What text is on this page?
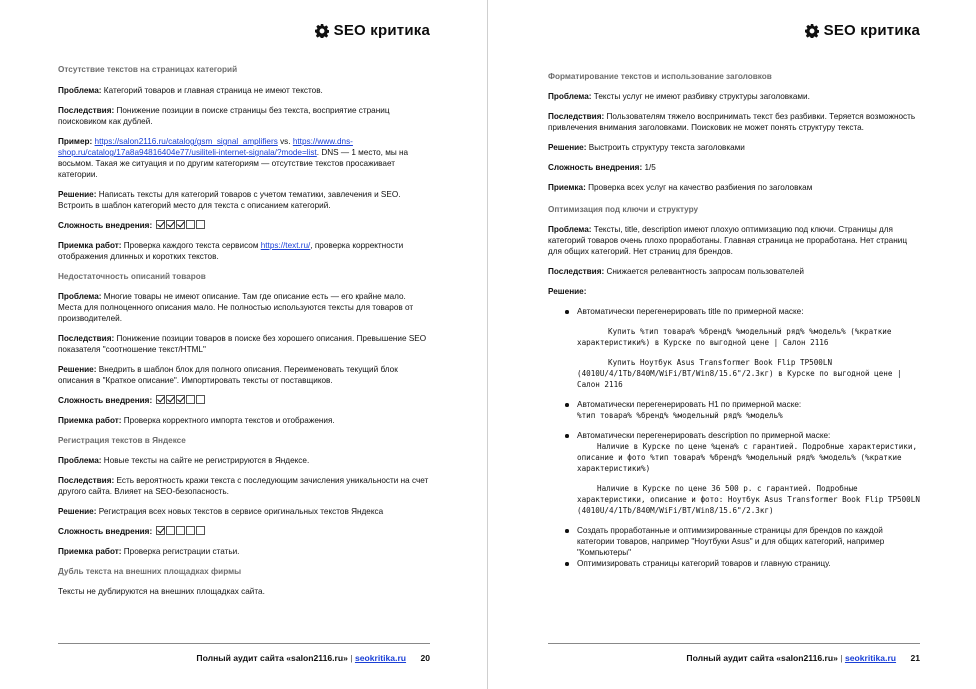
SEO критика
Отсутствие текстов на страницах категорий

Проблема: Категорий товаров и главная страница не имеют текстов.

Последствия: Понижение позиции в поиске страницы без текста, восприятие страниц поисковиком как дублей.

Пример: https://salon2116.ru/catalog/gsm_signal_amplifiers vs. https://www.dns-shop.ru/catalog/17a8a94816404e77/usiliteli-internet-signala/?mode=list. DNS — 1 место, мы на восьмом. Такая же ситуация и по другим категориям — отсутствие текстов просаживает категории.

Решение: Написать тексты для категорий товаров с учетом тематики, завлечения и SEO. Встроить в шаблон категорий место для текста с описанием категорий.

Сложность внедрения:

Приемка работ: Проверка каждого текста сервисом https://text.ru/, проверка корректности отображения длинных и коротких текстов.

Недостаточность описаний товаров

Проблема: Многие товары не имеют описание. Там где описание есть — его крайне мало. Места для полноценного описания мало. Не полностью используются тексты для товаров от производителей.

Последствия: Понижение позиции товаров в поиске без хорошего описания. Превышение SEO показателя "соотношение текст/HTML"

Решение: Внедрить в шаблон блок для полного описания. Переименовать текущий блок описания в "Краткое описание". Импортировать тексты от поставщиков.

Сложность внедрения:

Приемка работ: Проверка корректного импорта текстов и отображения.

Регистрация текстов в Яндексе

Проблема: Новые тексты на сайте не регистрируются в Яндексе.

Последствия: Есть вероятность кражи текста с последующим зачисления уникальности на счет другого сайта. Влияет на SEO-безопасность.

Решение: Регистрация всех новых текстов в сервисе оригинальных текстов Яндекса

Сложность внедрения:

Приемка работ: Проверка регистрации статьи.

Дубль текста на внешних площадках фирмы

Тексты не дублируются на внешних площадках сайта.

Полный аудит сайта «salon2116.ru» | seokritika.ru 20
SEO критика
Форматирование текстов и использование заголовков

Проблема: Тексты услуг не имеют разбивку структуры заголовками.

Последствия: Пользователям тяжело воспринимать текст без разбивки. Теряется возможность привлечения внимания заголовками. Поисковик не может понять структуру текста.

Решение: Выстроить структуру текста заголовками

Сложность внедрения: 1/5

Приемка: Проверка всех услуг на качество разбиения по заголовкам

Оптимизация под ключи и структуру

Проблема: Тексты, title, description имеют плохую оптимизацию под ключи. Страницы для категорий товаров очень плохо проработаны. Главная страница не проработана. Нет страниц для общих категорий. Нет страниц для брендов.

Последствия: Снижается релевантность запросам пользователей

Решение:

Автоматически перегенерировать title по примерной маске:

Купить %тип товара% %бренд% %модельный ряд% %модель% (%краткие характеристики%) в Курске по выгодной цене | Салон 2116

Купить Ноутбук Asus Transformer Book Flip TP500LN (4010U/4/1Tb/840M/WiFi/BT/Win8/15.6"/2.3кг) в Курске по выгодной цене | Салон 2116

Автоматически перегенерировать H1 по примерной маске:
%тип товара% %бренд% %модельный ряд% %модель%
Автоматически перегенерировать description по примерной маске:

Наличие в Курске по цене %цена% с гарантией. Подробные характеристики, описание и фото %тип товара% %бренд% %модельный ряд% %модель% (%краткие характеристики%)

Наличие в Курске по цене 36 500 р. с гарантией. Подробные характеристики, описание и фото: Ноутбук Asus Transformer Book Flip TP500LN (4010U/4/1Tb/840M/WiFi/BT/Win8/15.6"/2.3кг)

Создать проработанные и оптимизированные страницы для брендов по каждой категории товаров, например "Ноутбуки Asus" и для общих категорий, например "Компьютеры"
Оптимизировать страницы категорий товаров и главную страницу.
Полный аудит сайта «salon2116.ru» | seokritika.ru 21
